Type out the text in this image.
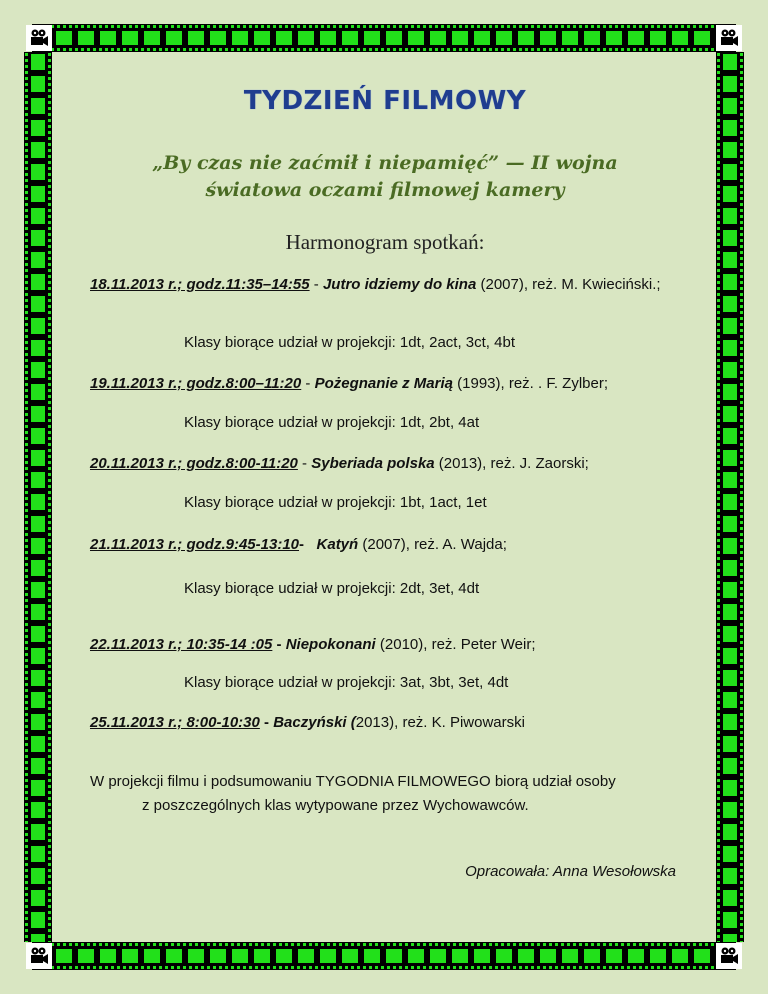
TYDZIEŃ FILMOWY
„By czas nie zaćmił i niepamięć” — II wojna
światowa oczami filmowej kamery
Harmonogram spotkań:
18.11.2013 r.; godz.11:35–14:55 - Jutro idziemy do kina (2007), reż. M. Kwieciński.;
Klasy biorące udział w projekcji: 1dt, 2act, 3ct, 4bt
19.11.2013 r.; godz.8:00–11:20 - Pożegnanie z Marią (1993), reż. . F. Zylber;
Klasy biorące udział w projekcji: 1dt, 2bt, 4at
20.11.2013 r.; godz.8:00-11:20 - Syberiada polska (2013), reż. J. Zaorski;
Klasy biorące udział w projekcji: 1bt, 1act, 1et
21.11.2013 r.; godz.9:45-13:10-   Katyń (2007), reż. A. Wajda;
Klasy biorące udział w projekcji: 2dt, 3et, 4dt
22.11.2013 r.; 10:35-14 :05 - Niepokonani (2010), reż. Peter Weir;
Klasy biorące udział w projekcji: 3at, 3bt, 3et, 4dt
25.11.2013 r.; 8:00-10:30 - Baczyński (2013), reż. K. Piwowarski
W projekcji filmu i podsumowaniu TYGODNIA FILMOWEGO biorą udział osoby
z poszczególnych klas wytypowane przez Wychowawców.
Opracowała: Anna Wesołowska
